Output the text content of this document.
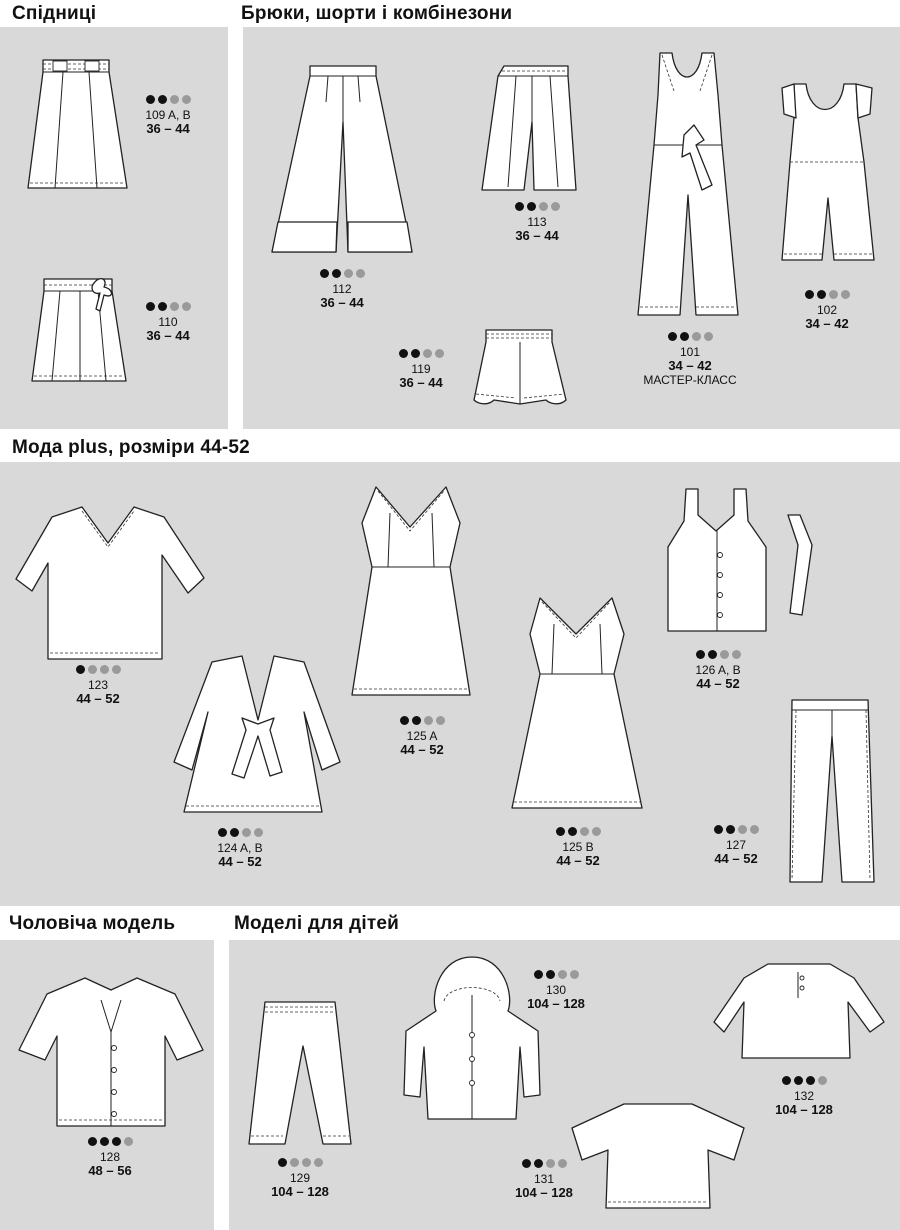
Спідниці	Брюки, шорти і комбінезони
Мода plus, розміри 44-52
Чоловіча модель	Моделі для дітей
109 A, B
36 – 44
110
36 – 44
112
36 – 44
113
36 – 44
119
36 – 44
101
34 – 42
МАСТЕР-КЛАСС
102
34 – 42
123
44 – 52
124 A, B
44 – 52
125 A
44 – 52
125 B
44 – 52
126 A, B
44 – 52
127
44 – 52
128
48 – 56	129
104 – 128
130
104 – 128
131
104 – 128
132
104 – 128
